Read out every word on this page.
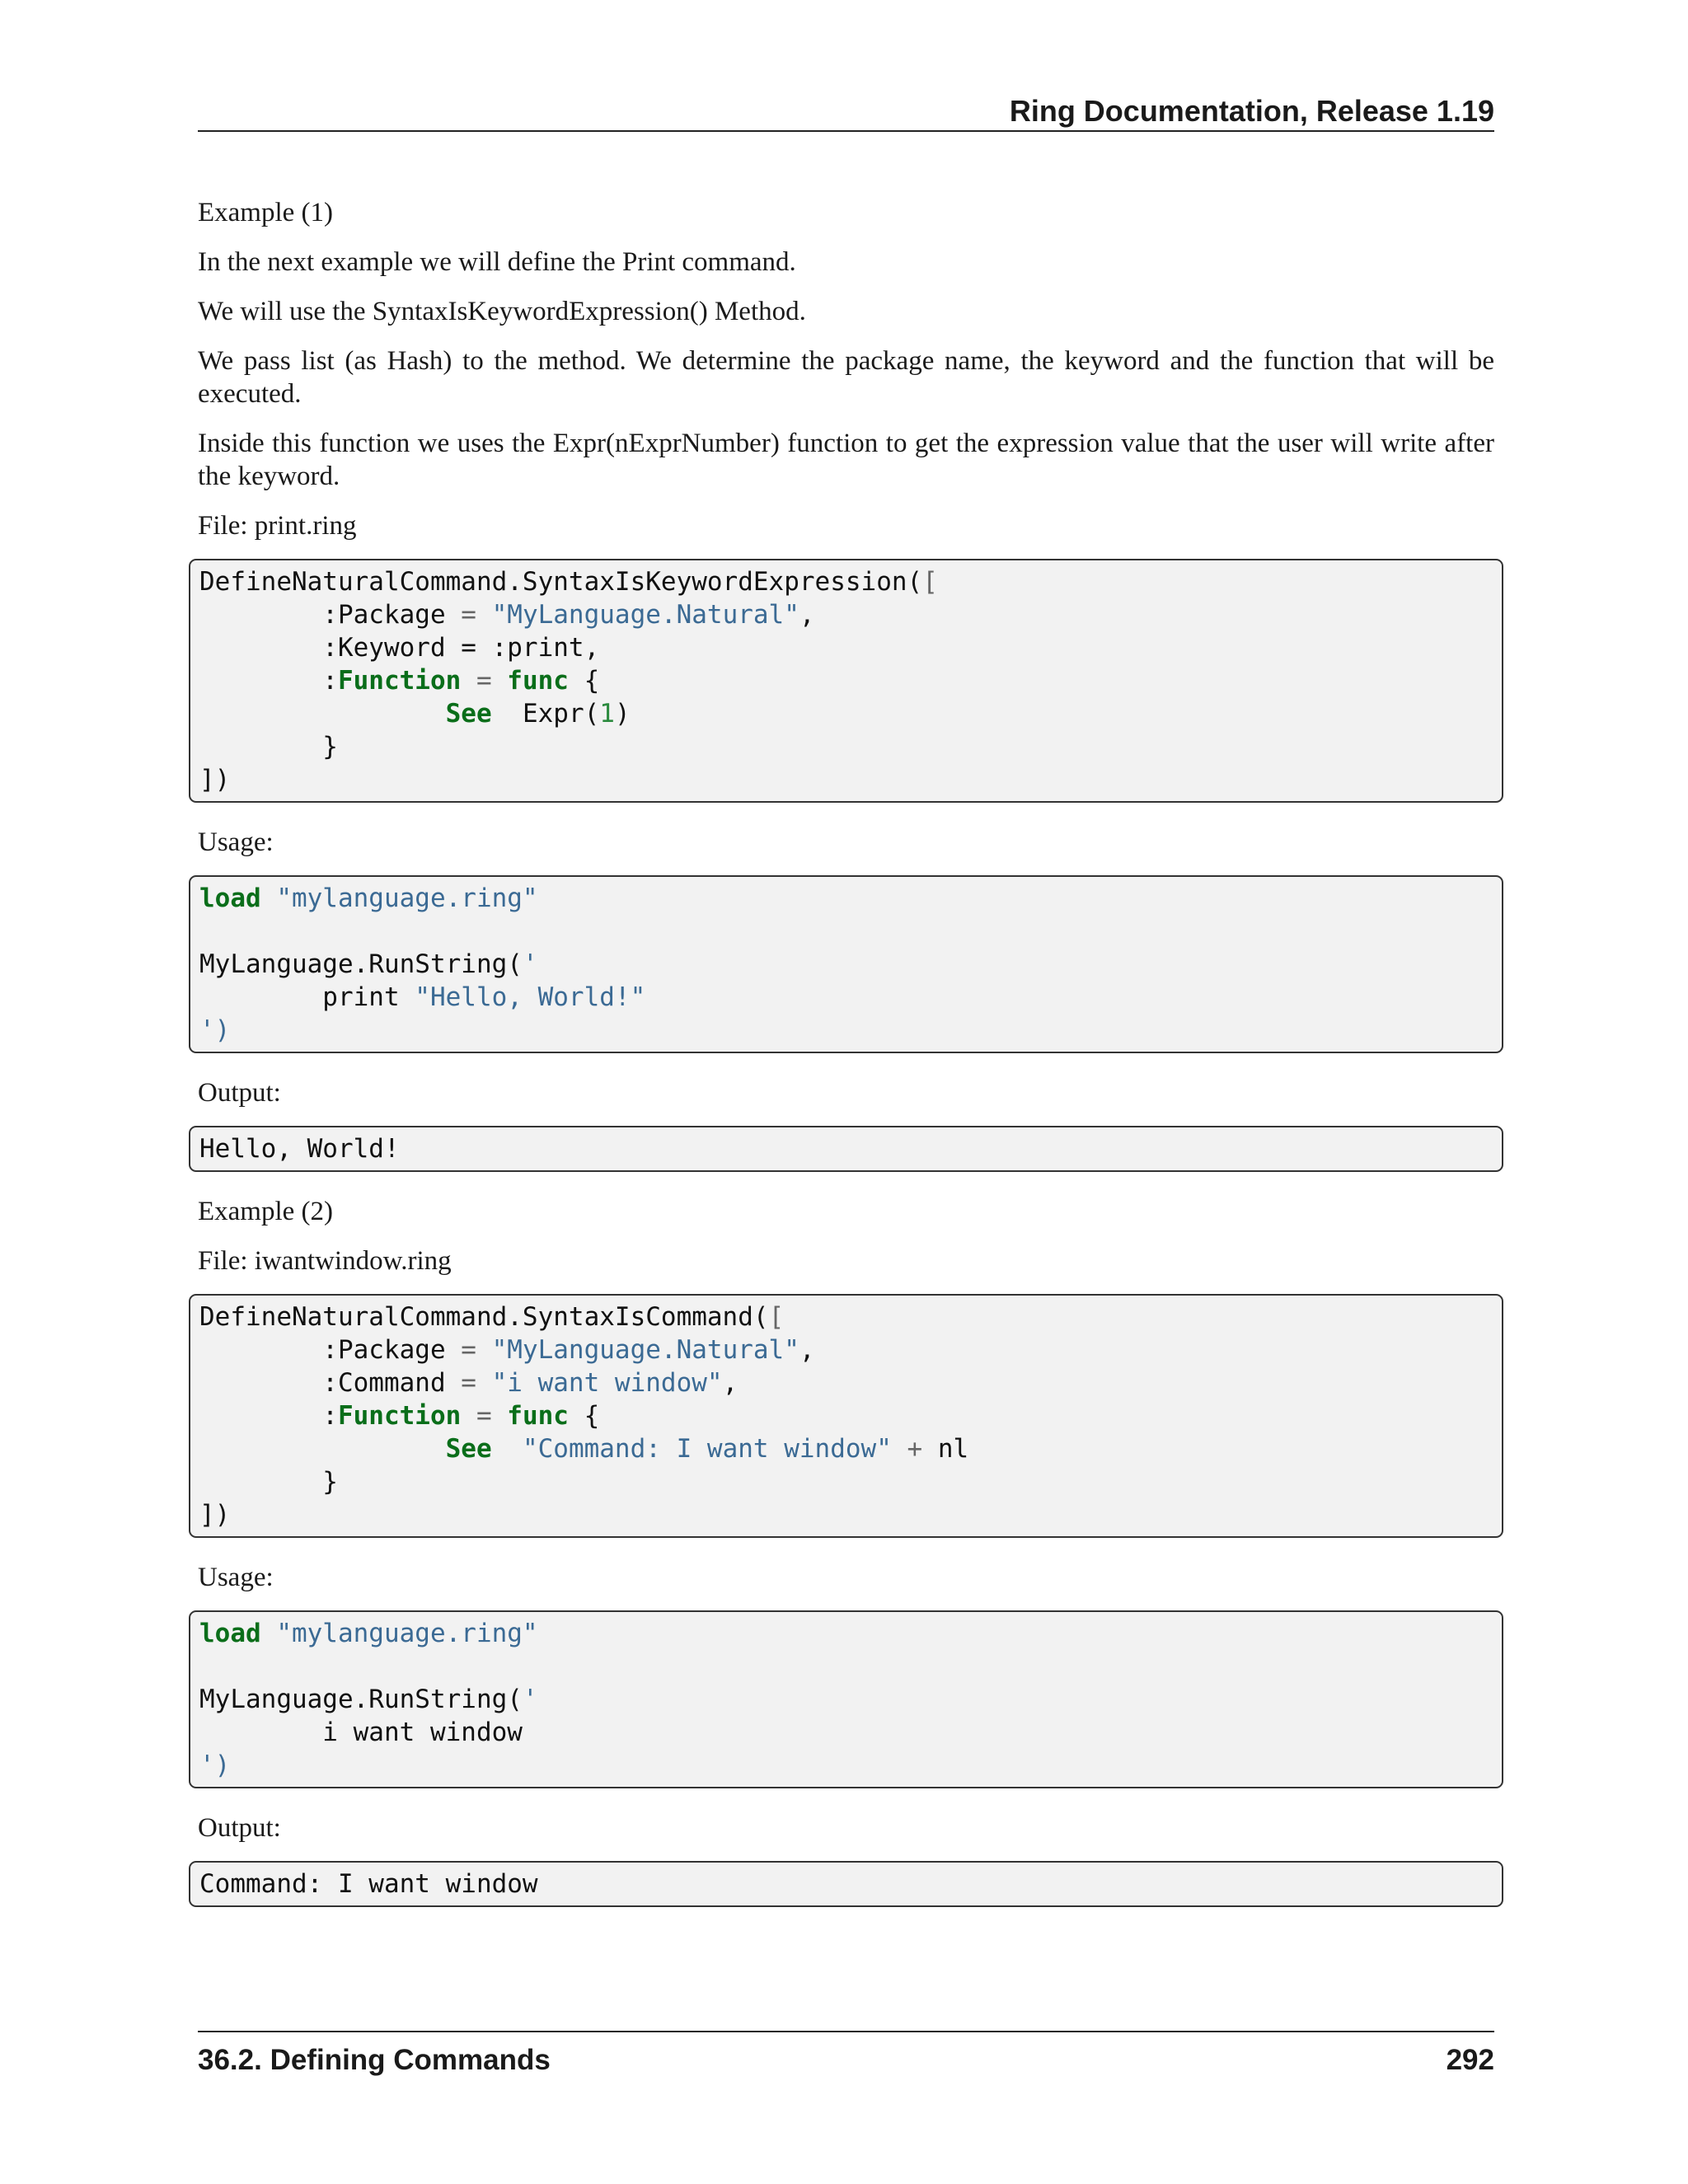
Ring Documentation, Release 1.19

Example (1)

In the next example we will define the Print command.

We will use the SyntaxIsKeywordExpression() Method.

We pass list (as Hash) to the method. We determine the package name, the keyword and the function that will be executed.

Inside this function we uses the Expr(nExprNumber) function to get the expression value that the user will write after the keyword.

File: print.ring

DefineNaturalCommand.SyntaxIsKeywordExpression([
:Package = "MyLanguage.Natural",
:Keyword = :print,
:Function = func {
See  Expr(1)
}
])

Usage:

load "mylanguage.ring"
MyLanguage.RunString('
print "Hello, World!"
')

Output:

Hello, World!

Example (2)

File: iwantwindow.ring

DefineNaturalCommand.SyntaxIsCommand([
:Package = "MyLanguage.Natural",
:Command = "i want window",
:Function = func {
See  "Command: I want window" + nl
}
])

Usage:

load "mylanguage.ring"
MyLanguage.RunString('
i want window
')

Output:

Command: I want window
36.2. Defining Commands	292
